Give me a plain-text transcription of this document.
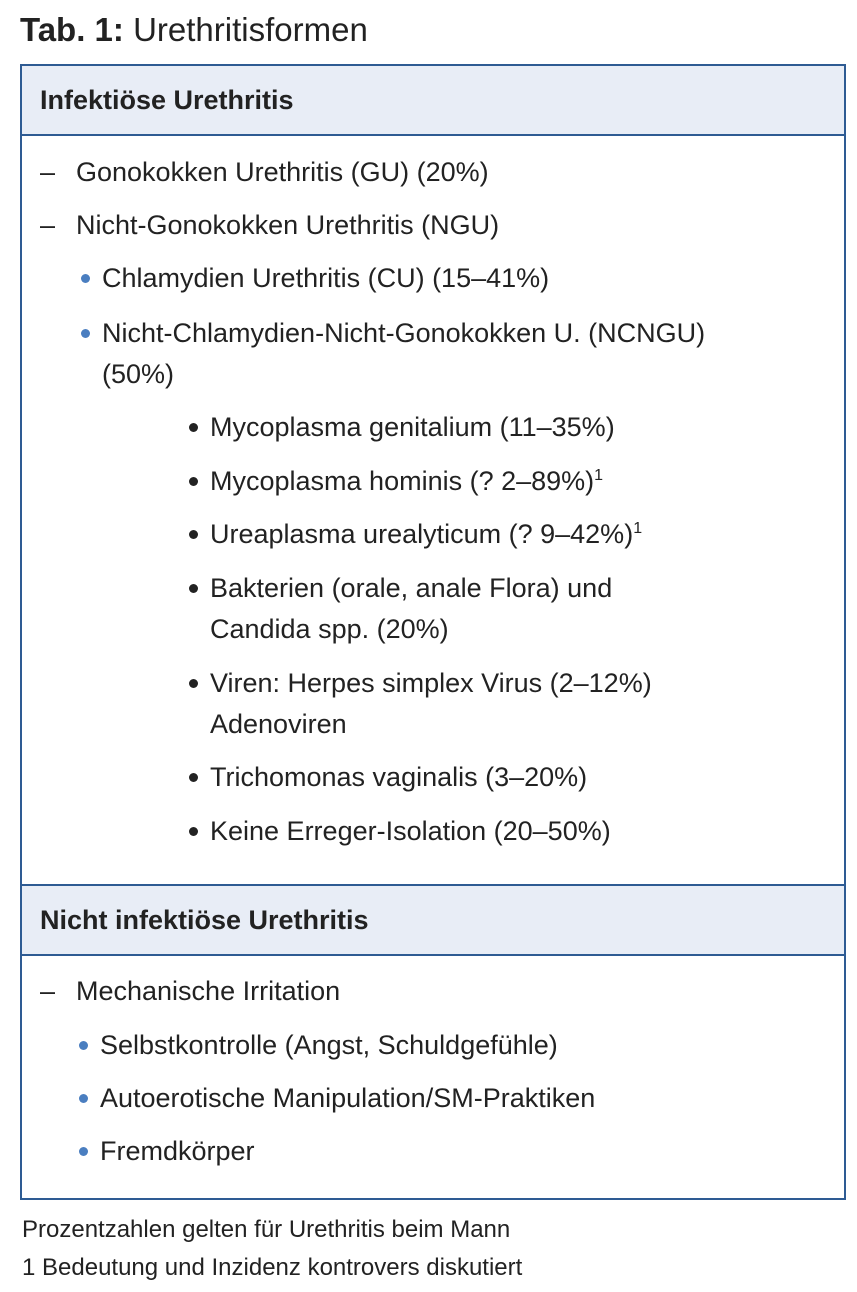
Tab. 1: Urethritisformen
Infektiöse Urethritis
– Gonokokken Urethritis (GU) (20%)
– Nicht-Gonokokken Urethritis (NGU)
Chlamydien Urethritis (CU) (15–41%)
Nicht-Chlamydien-Nicht-Gonokokken U. (NCNGU)
(50%)
Mycoplasma genitalium (11–35%)
Mycoplasma hominis (? 2–89%)$^1$
Ureaplasma urealyticum (? 9–42%)$^1$
Bakterien (orale, anale Flora) und
Candida spp. (20%)
Viren: Herpes simplex Virus (2–12%)
Adenoviren
Trichomonas vaginalis (3–20%)
Keine Erreger-Isolation (20–50%)
Nicht infektiöse Urethritis
– Mechanische Irritation
Selbstkontrolle (Angst, Schuldgefühle)
Autoerotische Manipulation/SM-Praktiken
Fremdkörper
Prozentzahlen gelten für Urethritis beim Mann
1 Bedeutung und Inzidenz kontrovers diskutiert
